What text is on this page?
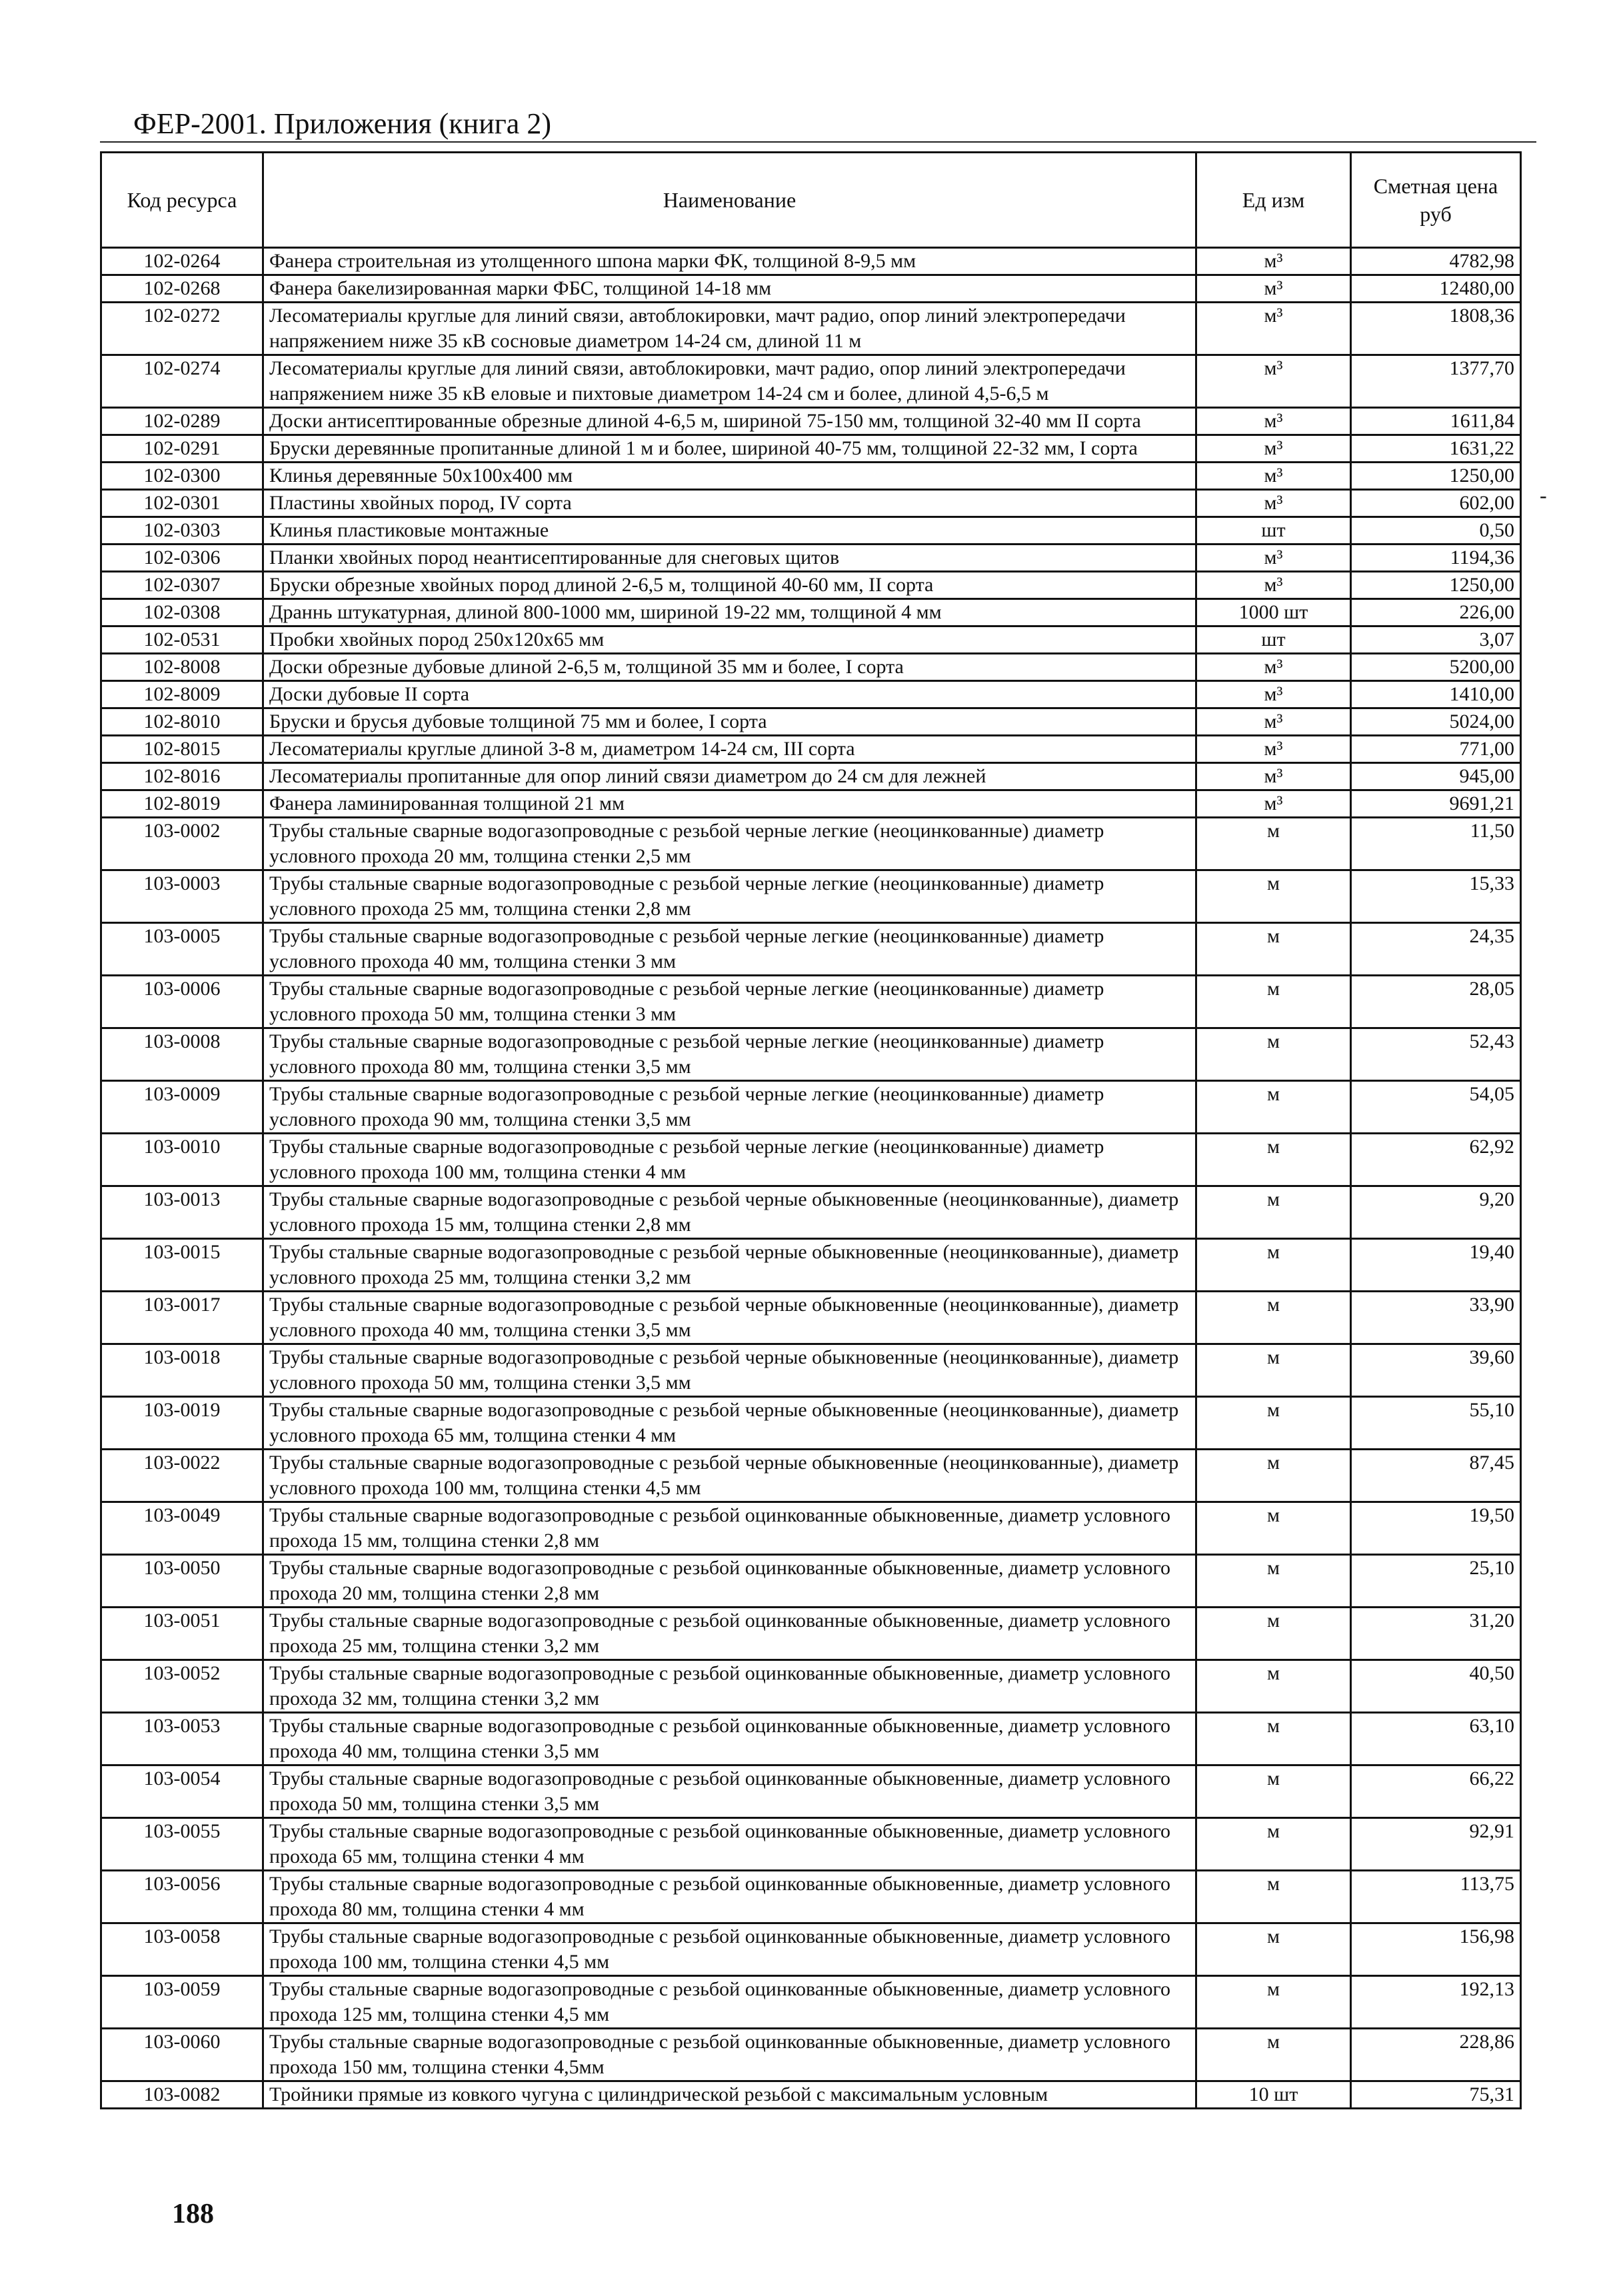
ФЕР-2001. Приложения (книга 2)
Код ресурса	Наименование	Ед изм	Сметная цена руб
102-0264	Фанера строительная из утолщенного шпона марки ФК, толщиной 8-9,5 мм	м³	4782,98
102-0268	Фанера бакелизированная марки ФБС, толщиной 14-18 мм	м³	12480,00
102-0272	Лесоматериалы круглые для линий связи, автоблокировки, мачт радио, опор линий электропередачи напряжением ниже 35 кВ сосновые диаметром 14-24 см, длиной 11 м	м³	1808,36
102-0274	Лесоматериалы круглые для линий связи, автоблокировки, мачт радио, опор линий электропередачи напряжением ниже 35 кВ еловые и пихтовые диаметром 14-24 см и более, длиной 4,5-6,5 м	м³	1377,70
102-0289	Доски антисептированные обрезные длиной 4-6,5 м, шириной 75-150 мм, толщиной 32-40 мм II сорта	м³	1611,84
102-0291	Бруски деревянные пропитанные длиной 1 м и более, шириной 40-75 мм, толщиной 22-32 мм, I сорта	м³	1631,22
102-0300	Клинья деревянные 50х100х400 мм	м³	1250,00
102-0301	Пластины хвойных пород, IV сорта	м³	602,00
102-0303	Клинья пластиковые монтажные	шт	0,50
102-0306	Планки хвойных пород неантисептированные для снеговых щитов	м³	1194,36
102-0307	Бруски обрезные хвойных пород длиной 2-6,5 м, толщиной 40-60 мм, II сорта	м³	1250,00
102-0308	Драннь штукатурная, длиной 800-1000 мм, шириной 19-22 мм, толщиной 4 мм	1000 шт	226,00
102-0531	Пробки хвойных пород 250х120х65 мм	шт	3,07
102-8008	Доски обрезные дубовые длиной 2-6,5 м, толщиной 35 мм и более, I сорта	м³	5200,00
102-8009	Доски дубовые II сорта	м³	1410,00
102-8010	Бруски и брусья дубовые толщиной 75 мм и более, I сорта	м³	5024,00
102-8015	Лесоматериалы круглые длиной 3-8 м, диаметром 14-24 см, III сорта	м³	771,00
102-8016	Лесоматериалы пропитанные для опор линий связи диаметром до 24 см для лежней	м³	945,00
102-8019	Фанера ламинированная толщиной 21 мм	м³	9691,21
103-0002	Трубы стальные сварные водогазопроводные с резьбой черные легкие (неоцинкованные) диаметр условного прохода 20 мм, толщина стенки 2,5 мм	м	11,50
103-0003	Трубы стальные сварные водогазопроводные с резьбой черные легкие (неоцинкованные) диаметр условного прохода 25 мм, толщина стенки 2,8 мм	м	15,33
103-0005	Трубы стальные сварные водогазопроводные с резьбой черные легкие (неоцинкованные) диаметр условного прохода 40 мм, толщина стенки 3 мм	м	24,35
103-0006	Трубы стальные сварные водогазопроводные с резьбой черные легкие (неоцинкованные) диаметр условного прохода 50 мм, толщина стенки 3 мм	м	28,05
103-0008	Трубы стальные сварные водогазопроводные с резьбой черные легкие (неоцинкованные) диаметр условного прохода 80 мм, толщина стенки 3,5 мм	м	52,43
103-0009	Трубы стальные сварные водогазопроводные с резьбой черные легкие (неоцинкованные) диаметр условного прохода 90 мм, толщина стенки 3,5 мм	м	54,05
103-0010	Трубы стальные сварные водогазопроводные с резьбой черные легкие (неоцинкованные) диаметр условного прохода 100 мм, толщина стенки 4 мм	м	62,92
103-0013	Трубы стальные сварные водогазопроводные с резьбой черные обыкновенные (неоцинкованные), диаметр условного прохода 15 мм, толщина стенки 2,8 мм	м	9,20
103-0015	Трубы стальные сварные водогазопроводные с резьбой черные обыкновенные (неоцинкованные), диаметр условного прохода 25 мм, толщина стенки 3,2 мм	м	19,40
103-0017	Трубы стальные сварные водогазопроводные с резьбой черные обыкновенные (неоцинкованные), диаметр условного прохода 40 мм, толщина стенки 3,5 мм	м	33,90
103-0018	Трубы стальные сварные водогазопроводные с резьбой черные обыкновенные (неоцинкованные), диаметр условного прохода 50 мм, толщина стенки 3,5 мм	м	39,60
103-0019	Трубы стальные сварные водогазопроводные с резьбой черные обыкновенные (неоцинкованные), диаметр условного прохода 65 мм, толщина стенки 4 мм	м	55,10
103-0022	Трубы стальные сварные водогазопроводные с резьбой черные обыкновенные (неоцинкованные), диаметр условного прохода 100 мм, толщина стенки 4,5 мм	м	87,45
103-0049	Трубы стальные сварные водогазопроводные с резьбой оцинкованные обыкновенные, диаметр условного прохода 15 мм, толщина стенки 2,8 мм	м	19,50
103-0050	Трубы стальные сварные водогазопроводные с резьбой оцинкованные обыкновенные, диаметр условного прохода 20 мм, толщина стенки 2,8 мм	м	25,10
103-0051	Трубы стальные сварные водогазопроводные с резьбой оцинкованные обыкновенные, диаметр условного прохода 25 мм, толщина стенки 3,2 мм	м	31,20
103-0052	Трубы стальные сварные водогазопроводные с резьбой оцинкованные обыкновенные, диаметр условного прохода 32 мм, толщина стенки 3,2 мм	м	40,50
103-0053	Трубы стальные сварные водогазопроводные с резьбой оцинкованные обыкновенные, диаметр условного прохода 40 мм, толщина стенки 3,5 мм	м	63,10
103-0054	Трубы стальные сварные водогазопроводные с резьбой оцинкованные обыкновенные, диаметр условного прохода 50 мм, толщина стенки 3,5 мм	м	66,22
103-0055	Трубы стальные сварные водогазопроводные с резьбой оцинкованные обыкновенные, диаметр условного прохода 65 мм, толщина стенки 4 мм	м	92,91
103-0056	Трубы стальные сварные водогазопроводные с резьбой оцинкованные обыкновенные, диаметр условного прохода 80 мм, толщина стенки 4 мм	м	113,75
103-0058	Трубы стальные сварные водогазопроводные с резьбой оцинкованные обыкновенные, диаметр условного прохода 100 мм, толщина стенки 4,5 мм	м	156,98
103-0059	Трубы стальные сварные водогазопроводные с резьбой оцинкованные обыкновенные, диаметр условного прохода 125 мм, толщина стенки 4,5 мм	м	192,13
103-0060	Трубы стальные сварные водогазопроводные с резьбой оцинкованные обыкновенные, диаметр условного прохода 150 мм, толщина стенки 4,5мм	м	228,86
103-0082	Тройники прямые из ковкого чугуна с цилиндрической резьбой с максимальным условным	10 шт	75,31
-
188
